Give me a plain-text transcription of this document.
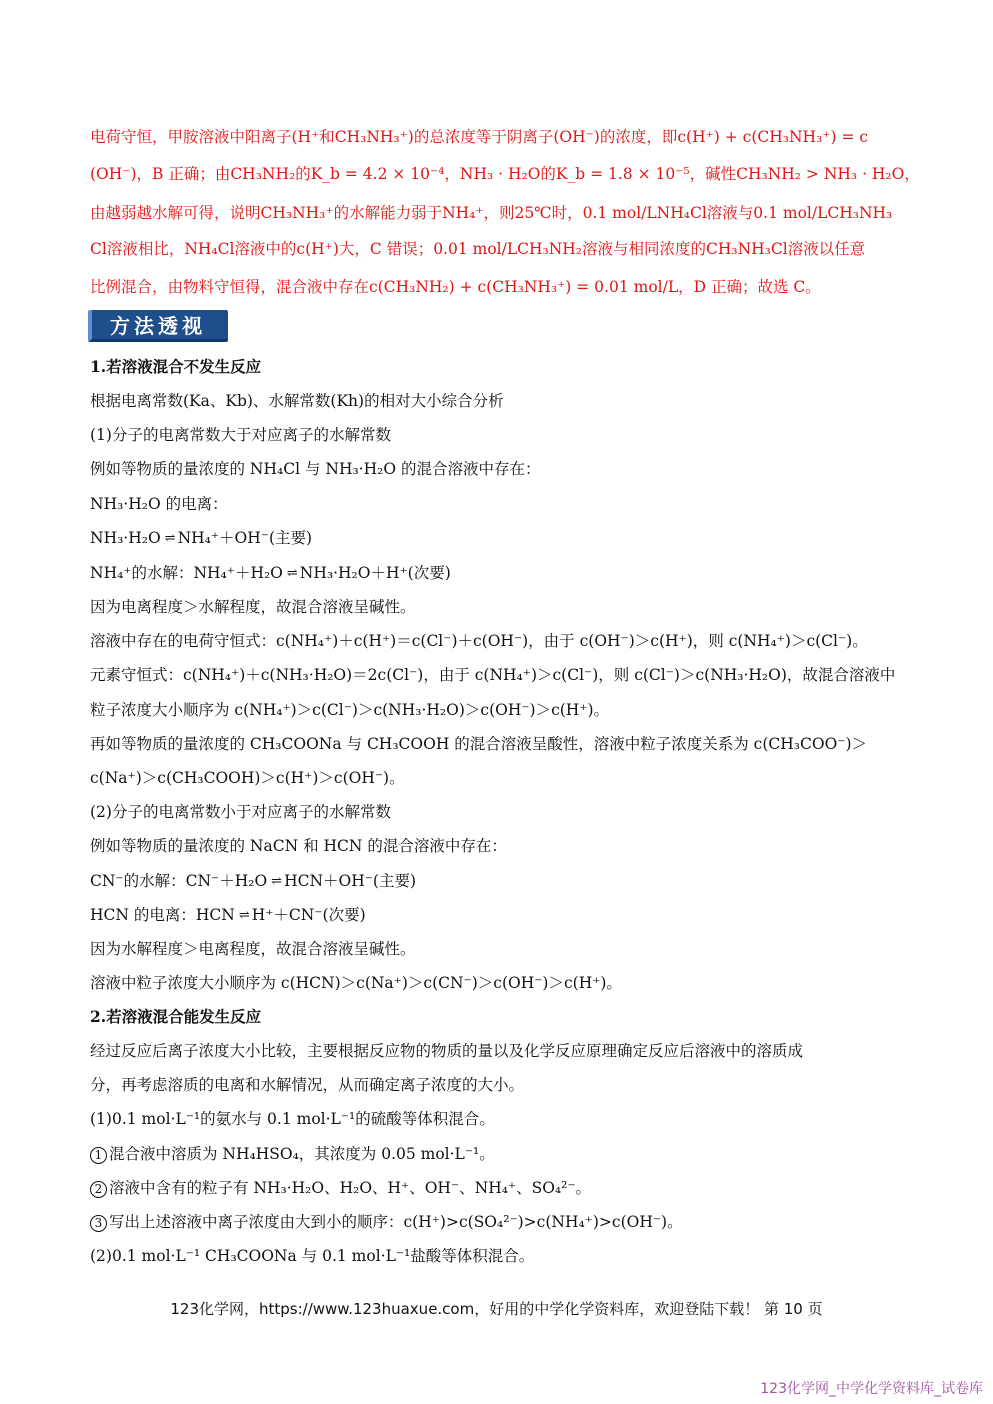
电荷守恒，甲胺溶液中阳离子(H⁺和CH₃NH₃⁺)的总浓度等于阴离子(OH⁻)的浓度，即c(H⁺) + c(CH₃NH₃⁺) = c

(OH⁻)，B 正确；由CH₃NH₂的K_b = 4.2 × 10⁻⁴，NH₃ · H₂O的K_b = 1.8 × 10⁻⁵，碱性CH₃NH₂ > NH₃ · H₂O，

由越弱越水解可得，说明CH₃NH₃⁺的水解能力弱于NH₄⁺，则25℃时，0.1 mol/LNH₄Cl溶液与0.1 mol/LCH₃NH₃

Cl溶液相比，NH₄Cl溶液中的c(H⁺)大，C 错误；0.01 mol/LCH₃NH₂溶液与相同浓度的CH₃NH₃Cl溶液以任意

比例混合，由物料守恒得，混合液中存在c(CH₃NH₂) + c(CH₃NH₃⁺) = 0.01 mol/L，D 正确；故选 C。

方法透视

1.若溶液混合不发生反应

根据电离常数(Ka、Kb)、水解常数(Kh)的相对大小综合分析

(1)分子的电离常数大于对应离子的水解常数

例如等物质的量浓度的 NH₄Cl 与 NH₃·H₂O 的混合溶液中存在：

NH₃·H₂O 的电离：

NH₃·H₂O ⇌ NH₄⁺＋OH⁻(主要)

NH₄⁺的水解：NH₄⁺＋H₂O ⇌ NH₃·H₂O＋H⁺(次要)

因为电离程度＞水解程度，故混合溶液呈碱性。

溶液中存在的电荷守恒式：c(NH₄⁺)＋c(H⁺)＝c(Cl⁻)＋c(OH⁻)，由于 c(OH⁻)＞c(H⁺)，则 c(NH₄⁺)＞c(Cl⁻)。

元素守恒式：c(NH₄⁺)＋c(NH₃·H₂O)＝2c(Cl⁻)，由于 c(NH₄⁺)＞c(Cl⁻)，则 c(Cl⁻)＞c(NH₃·H₂O)，故混合溶液中

粒子浓度大小顺序为 c(NH₄⁺)＞c(Cl⁻)＞c(NH₃·H₂O)＞c(OH⁻)＞c(H⁺)。

再如等物质的量浓度的 CH₃COONa 与 CH₃COOH 的混合溶液呈酸性，溶液中粒子浓度关系为 c(CH₃COO⁻)＞

c(Na⁺)＞c(CH₃COOH)＞c(H⁺)＞c(OH⁻)。

(2)分子的电离常数小于对应离子的水解常数

例如等物质的量浓度的 NaCN 和 HCN 的混合溶液中存在：

CN⁻的水解：CN⁻＋H₂O ⇌ HCN＋OH⁻(主要)

HCN 的电离：HCN ⇌ H⁺＋CN⁻(次要)

因为水解程度＞电离程度，故混合溶液呈碱性。

溶液中粒子浓度大小顺序为 c(HCN)＞c(Na⁺)＞c(CN⁻)＞c(OH⁻)＞c(H⁺)。

2.若溶液混合能发生反应

经过反应后离子浓度大小比较，主要根据反应物的物质的量以及化学反应原理确定反应后溶液中的溶质成

分，再考虑溶质的电离和水解情况，从而确定离子浓度的大小。

(1)0.1 mol·L⁻¹的氨水与 0.1 mol·L⁻¹的硫酸等体积混合。

1 混合液中溶质为 NH₄HSO₄，其浓度为 0.05 mol·L⁻¹。

2 溶液中含有的粒子有 NH₃·H₂O、H₂O、H⁺、OH⁻、NH₄⁺、SO₄²⁻。

3 写出上述溶液中离子浓度由大到小的顺序：c(H⁺)>c(SO₄²⁻)>c(NH₄⁺)>c(OH⁻)。

(2)0.1 mol·L⁻¹ CH₃COONa 与 0.1 mol·L⁻¹盐酸等体积混合。

123化学网，https://www.123huaxue.com，好用的中学化学资料库，欢迎登陆下载！ 第 10 页
123化学网_中学化学资料库_试卷库
